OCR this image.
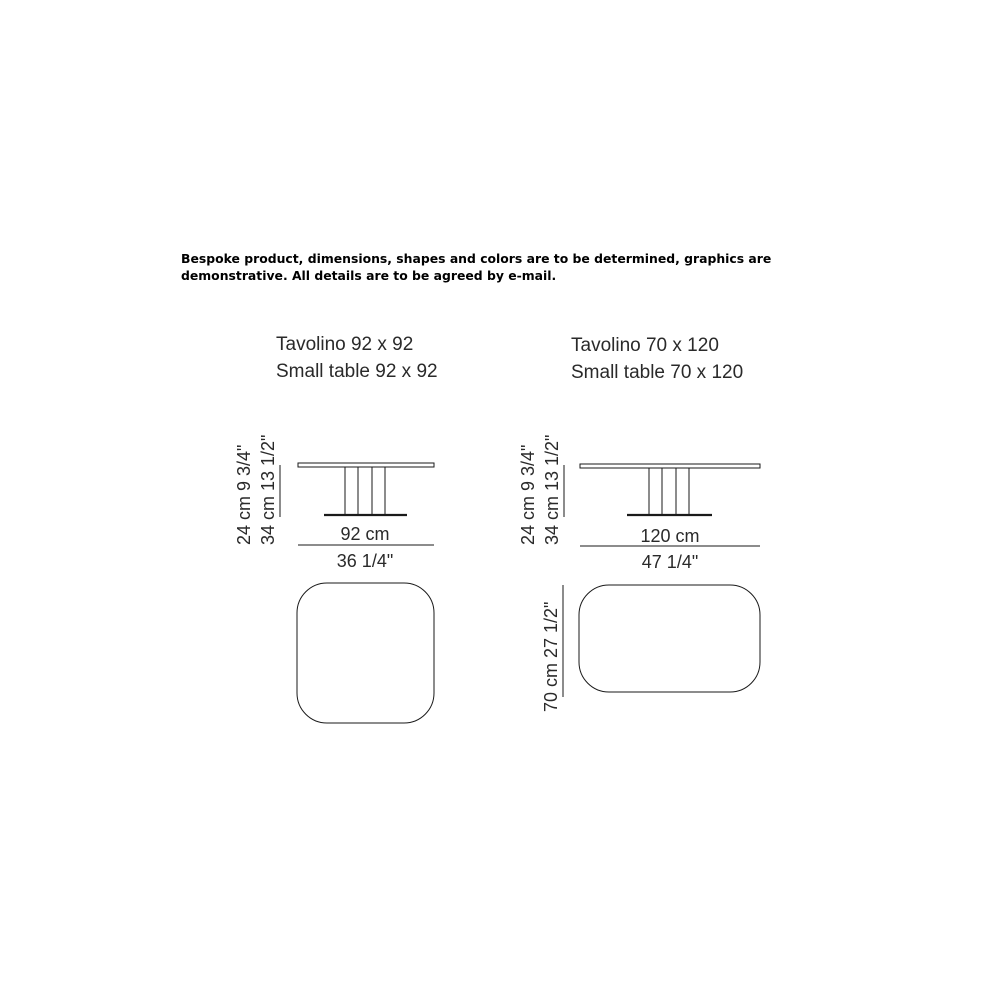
Bespoke product, dimensions, shapes and colors are to be determined, graphics are
demonstrative. All details are to be agreed by e-mail.

Tavolino 92 x 92
Small table 92 x 92
24 cm 9 3/4" 34 cm 13 1/2"	92 cm
36 1/4"
Tavolino 70 x 120
Small table 70 x 120
24 cm 9 3/4" 34 cm 13 1/2"	120 cm
47 1/4"
70 cm 27 1/2"
